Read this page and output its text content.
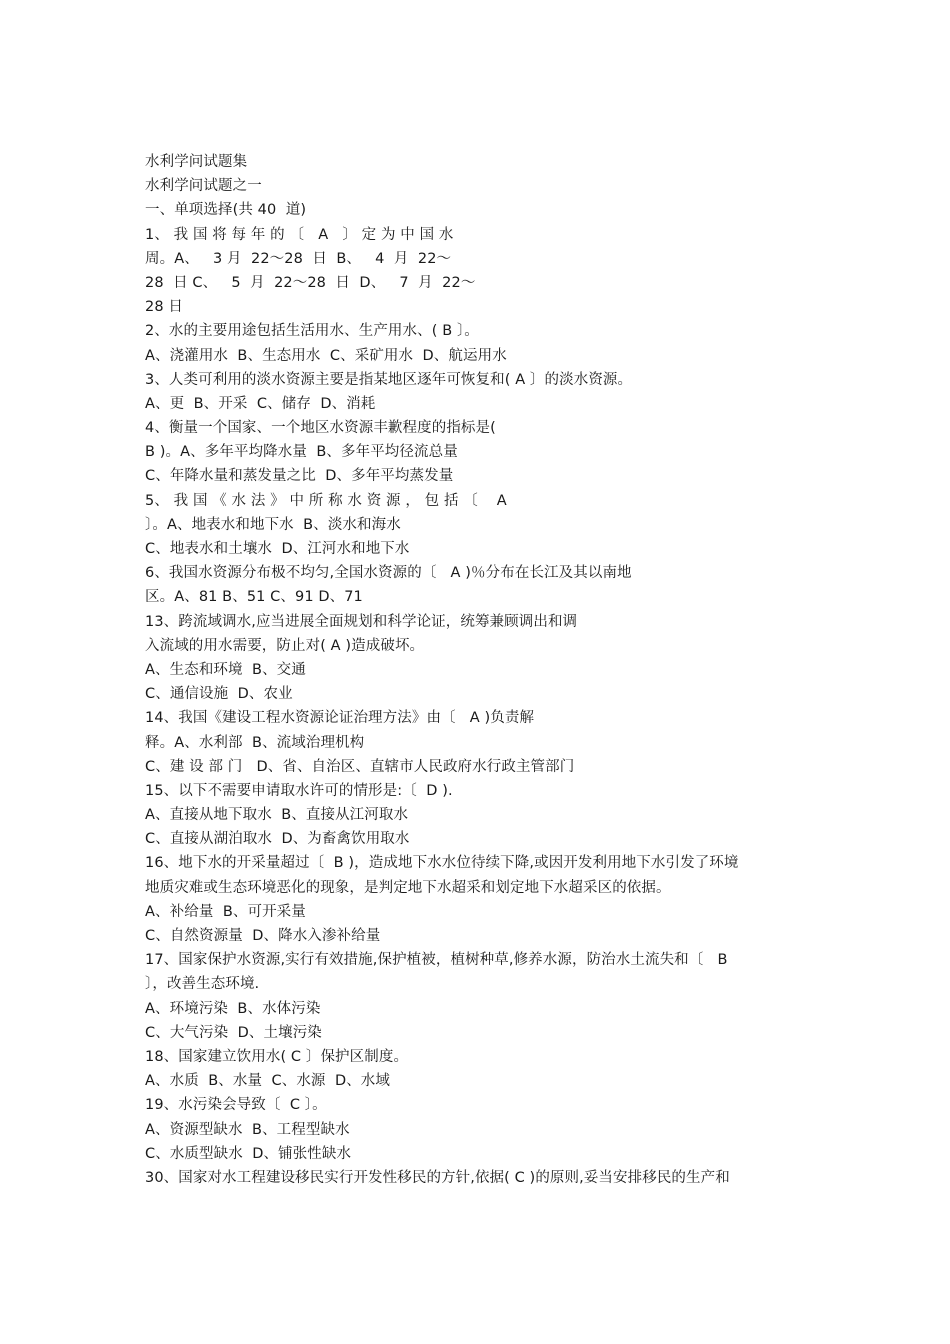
水利学问试题集
水利学问试题之一
一、单项选择(共 40  道)
1、 我 国 将 每 年 的 〔   A   〕 定 为 中 国 水
周。A、   3 月  22～28  日  B、   4  月  22～
28  日 C、   5  月  22～28  日  D、   7  月  22～
28 日
2、水的主要用途包括生活用水、生产用水、( B 〕。
A、浇灌用水  B、生态用水  C、采矿用水  D、航运用水
3、人类可利用的淡水资源主要是指某地区逐年可恢复和( A 〕的淡水资源。
A、更  B、开采  C、储存  D、消耗
4、衡量一个国家、一个地区水资源丰歉程度的指标是(
B )。A、多年平均降水量  B、多年平均径流总量
C、年降水量和蒸发量之比  D、多年平均蒸发量
5、 我 国 《 水 法 》 中 所 称 水 资 源 ， 包 括 〔    A
〕。A、地表水和地下水  B、淡水和海水
C、地表水和土壤水  D、江河水和地下水
6、我国水资源分布极不均匀,全国水资源的〔   A )％分布在长江及其以南地
区。A、81 B、51 C、91 D、71
13、跨流域调水,应当进展全面规划和科学论证，统筹兼顾调出和调
入流域的用水需要，防止对( A )造成破坏。
A、生态和环境  B、交通
C、通信设施  D、农业
14、我国《建设工程水资源论证治理方法》由〔   A )负责解
释。A、水利部  B、流域治理机构
C、建 设 部 门   D、省、自治区、直辖市人民政府水行政主管部门
15、以下不需要申请取水许可的情形是:〔  D ).
A、直接从地下取水  B、直接从江河取水
C、直接从湖泊取水  D、为畜禽饮用取水
16、地下水的开采量超过〔  B )，造成地下水水位待续下降,或因开发利用地下水引发了环境
地质灾难或生态环境恶化的现象，是判定地下水超采和划定地下水超采区的依据。
A、补给量  B、可开采量
C、自然资源量  D、降水入渗补给量
17、国家保护水资源,实行有效措施,保护植被，植树种草,修养水源，防治水土流失和〔   B
〕，改善生态环境.
A、环境污染  B、水体污染
C、大气污染  D、土壤污染
18、国家建立饮用水( C 〕保护区制度。
A、水质  B、水量  C、水源  D、水域
19、水污染会导致〔  C 〕。
A、资源型缺水  B、工程型缺水
C、水质型缺水  D、铺张性缺水
30、国家对水工程建设移民实行开发性移民的方针,依据( C )的原则,妥当安排移民的生产和
